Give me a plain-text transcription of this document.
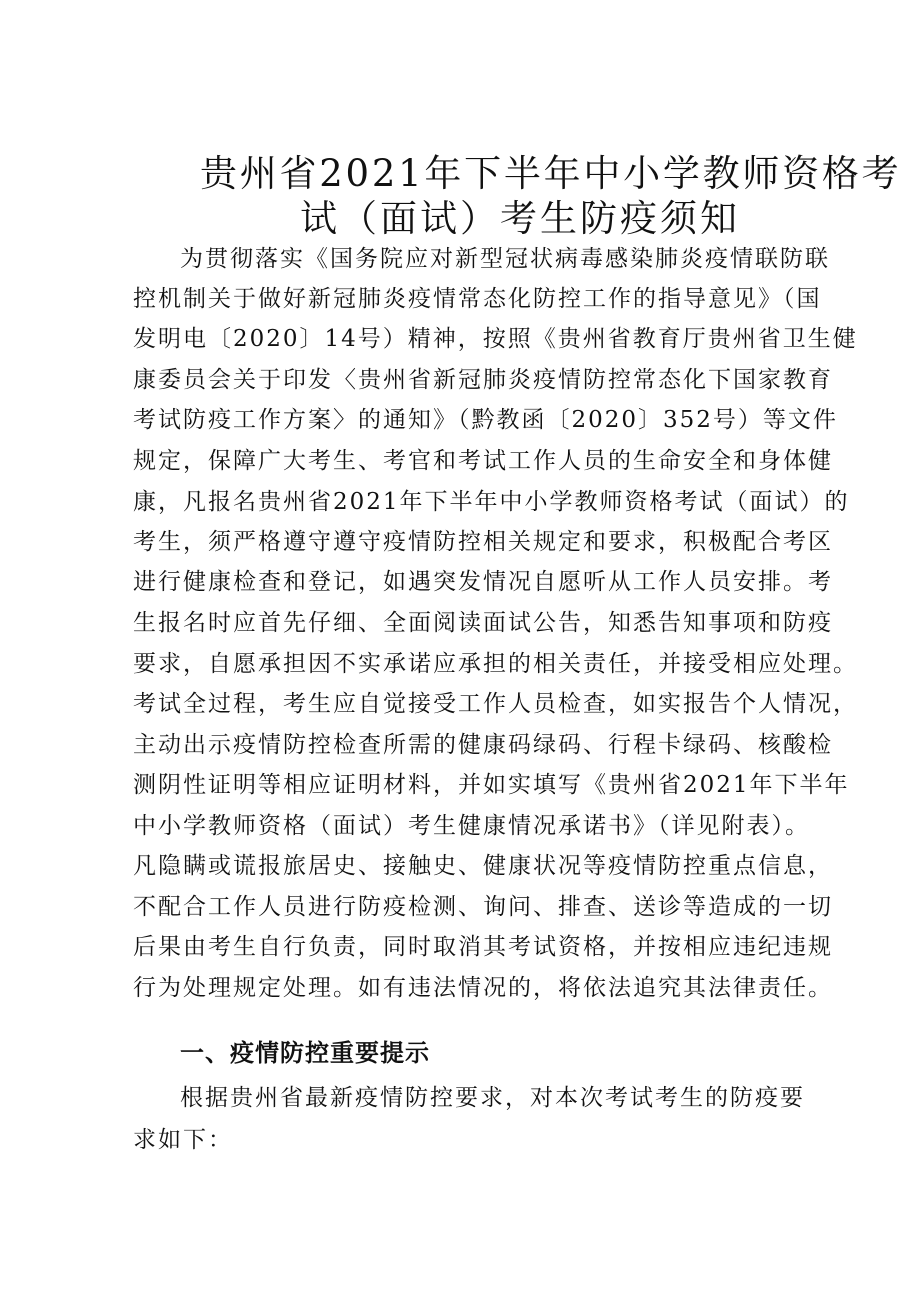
贵州省2021年下半年中小学教师资格考
试（面试）考生防疫须知
为贯彻落实《国务院应对新型冠状病毒感染肺炎疫情联防联
控机制关于做好新冠肺炎疫情常态化防控工作的指导意见》（国
发明电〔2020〕14号）精神，按照《贵州省教育厅贵州省卫生健
康委员会关于印发〈贵州省新冠肺炎疫情防控常态化下国家教育
考试防疫工作方案〉的通知》（黔教函〔2020〕352号）等文件
规定，保障广大考生、考官和考试工作人员的生命安全和身体健
康，凡报名贵州省2021年下半年中小学教师资格考试（面试）的
考生，须严格遵守遵守疫情防控相关规定和要求，积极配合考区
进行健康检查和登记，如遇突发情况自愿听从工作人员安排。考
生报名时应首先仔细、全面阅读面试公告，知悉告知事项和防疫
要求，自愿承担因不实承诺应承担的相关责任，并接受相应处理。
考试全过程，考生应自觉接受工作人员检查，如实报告个人情况，
主动出示疫情防控检查所需的健康码绿码、行程卡绿码、核酸检
测阴性证明等相应证明材料，并如实填写《贵州省2021年下半年
中小学教师资格（面试）考生健康情况承诺书》（详见附表）。
凡隐瞒或谎报旅居史、接触史、健康状况等疫情防控重点信息，
不配合工作人员进行防疫检测、询问、排查、送诊等造成的一切
后果由考生自行负责，同时取消其考试资格，并按相应违纪违规
行为处理规定处理。如有违法情况的，将依法追究其法律责任。
一、疫情防控重要提示
根据贵州省最新疫情防控要求，对本次考试考生的防疫要
求如下：
